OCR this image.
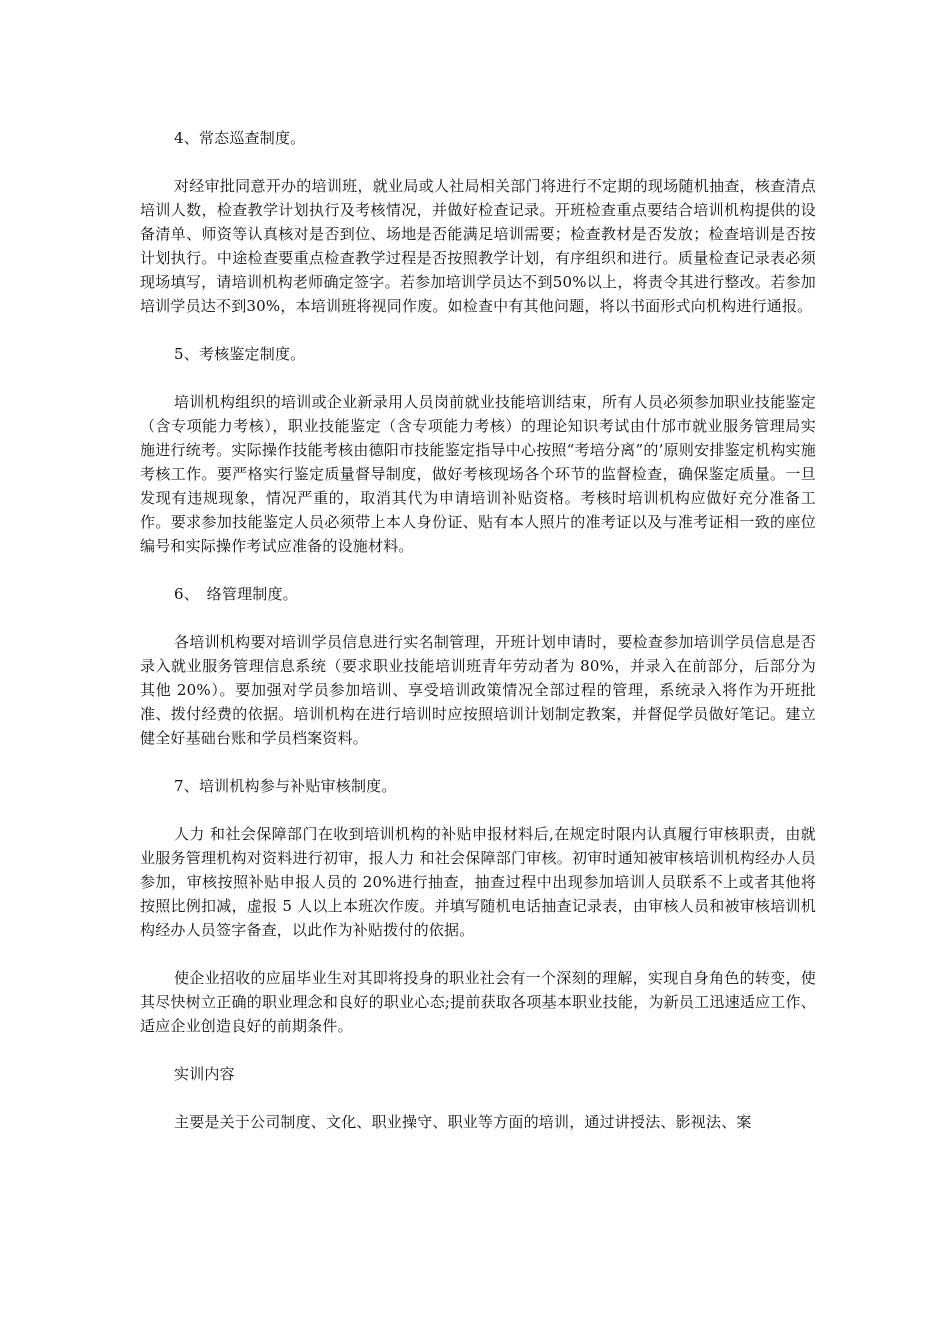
4、常态巡查制度。

对经审批同意开办的培训班，就业局或人社局相关部门将进行不定期的现场随机抽查，核查清点培训人数，检查教学计划执行及考核情况，并做好检查记录。开班检查重点要结合培训机构提供的设备清单、师资等认真核对是否到位、场地是否能满足培训需要；检查教材是否发放；检查培训是否按计划执行。中途检查要重点检查教学过程是否按照教学计划，有序组织和进行。质量检查记录表必须现场填写，请培训机构老师确定签字。若参加培训学员达不到50%以上，将责令其进行整改。若参加培训学员达不到30%，本培训班将视同作废。如检查中有其他问题，将以书面形式向机构进行通报。

5、考核鉴定制度。

培训机构组织的培训或企业新录用人员岗前就业技能培训结束，所有人员必须参加职业技能鉴定（含专项能力考核），职业技能鉴定（含专项能力考核）的理论知识考试由什邡市就业服务管理局实施进行统考。实际操作技能考核由德阳市技能鉴定指导中心按照“考培分离”的’原则安排鉴定机构实施考核工作。要严格实行鉴定质量督导制度，做好考核现场各个环节的监督检查，确保鉴定质量。一旦发现有违规现象，情况严重的，取消其代为申请培训补贴资格。考核时培训机构应做好充分准备工作。要求参加技能鉴定人员必须带上本人身份证、贴有本人照片的准考证以及与准考证相一致的座位编号和实际操作考试应准备的设施材料。

6、　络管理制度。

各培训机构要对培训学员信息进行实名制管理，开班计划申请时，要检查参加培训学员信息是否录入就业服务管理信息系统（要求职业技能培训班青年劳动者为 80%，并录入在前部分，后部分为其他 20%）。要加强对学员参加培训、享受培训政策情况全部过程的管理，系统录入将作为开班批准、拨付经费的依据。培训机构在进行培训时应按照培训计划制定教案，并督促学员做好笔记。建立健全好基础台账和学员档案资料。

7、培训机构参与补贴审核制度。

人力 和社会保障部门在收到培训机构的补贴申报材料后,在规定时限内认真履行审核职责，由就业服务管理机构对资料进行初审，报人力 和社会保障部门审核。初审时通知被审核培训机构经办人员参加，审核按照补贴申报人员的 20%进行抽查，抽查过程中出现参加培训人员联系不上或者其他将按照比例扣减，虚报 5 人以上本班次作废。并填写随机电话抽查记录表，由审核人员和被审核培训机构经办人员签字备查，以此作为补贴拨付的依据。

使企业招收的应届毕业生对其即将投身的职业社会有一个深刻的理解，实现自身角色的转变，使其尽快树立正确的职业理念和良好的职业心态;提前获取各项基本职业技能，为新员工迅速适应工作、适应企业创造良好的前期条件。

实训内容

主要是关于公司制度、文化、职业操守、职业等方面的培训，通过讲授法、影视法、案
